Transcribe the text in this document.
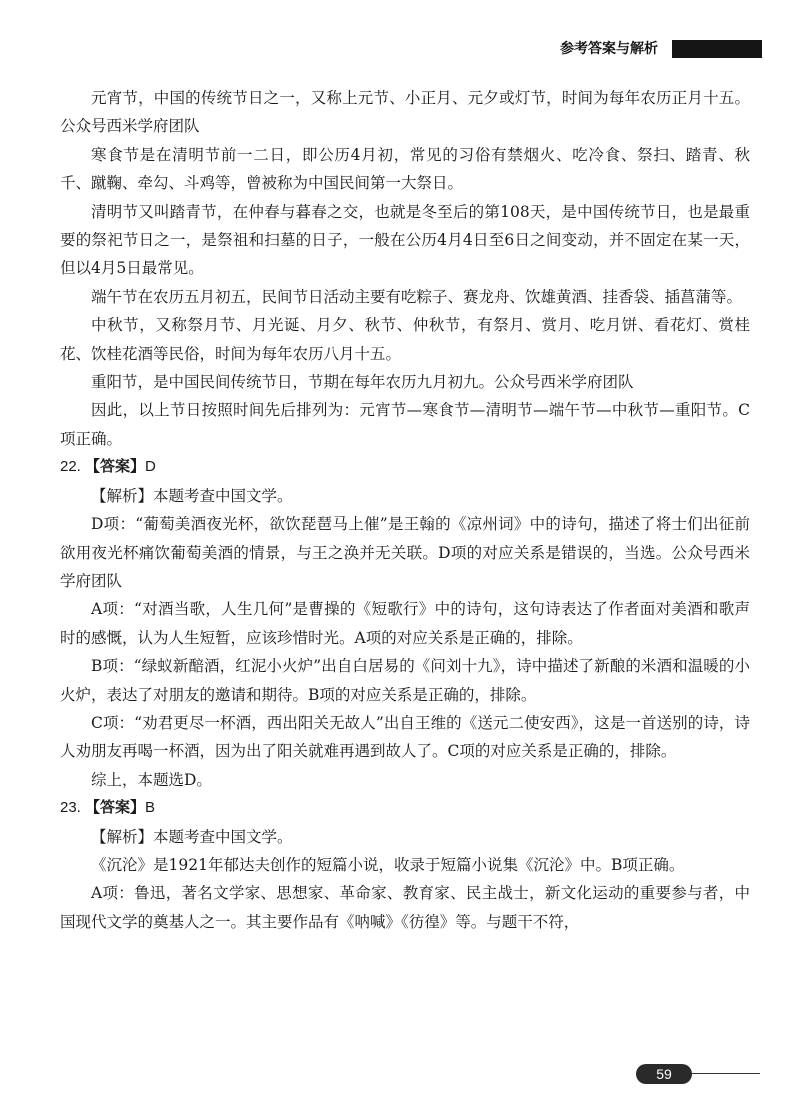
参考答案与解析

元宵节，中国的传统节日之一，又称上元节、小正月、元夕或灯节，时间为每年农历正月十五。公众号西米学府团队

寒食节是在清明节前一二日，即公历4月初，常见的习俗有禁烟火、吃冷食、祭扫、踏青、秋千、蹴鞠、牵勾、斗鸡等，曾被称为中国民间第一大祭日。

清明节又叫踏青节，在仲春与暮春之交，也就是冬至后的第108天，是中国传统节日，也是最重要的祭祀节日之一，是祭祖和扫墓的日子，一般在公历4月4日至6日之间变动，并不固定在某一天，但以4月5日最常见。

端午节在农历五月初五，民间节日活动主要有吃粽子、赛龙舟、饮雄黄酒、挂香袋、插菖蒲等。

中秋节，又称祭月节、月光诞、月夕、秋节、仲秋节，有祭月、赏月、吃月饼、看花灯、赏桂花、饮桂花酒等民俗，时间为每年农历八月十五。

重阳节，是中国民间传统节日，节期在每年农历九月初九。公众号西米学府团队

因此，以上节日按照时间先后排列为：元宵节—寒食节—清明节—端午节—中秋节—重阳节。C项正确。

22. 【答案】D

【解析】本题考查中国文学。

D项：“葡萄美酒夜光杯，欲饮琵琶马上催”是王翰的《凉州词》中的诗句，描述了将士们出征前欲用夜光杯痛饮葡萄美酒的情景，与王之涣并无关联。D项的对应关系是错误的，当选。公众号西米学府团队

A项：“对酒当歌，人生几何”是曹操的《短歌行》中的诗句，这句诗表达了作者面对美酒和歌声时的感慨，认为人生短暂，应该珍惜时光。A项的对应关系是正确的，排除。

B项：“绿蚁新醅酒，红泥小火炉”出自白居易的《问刘十九》，诗中描述了新酿的米酒和温暖的小火炉，表达了对朋友的邀请和期待。B项的对应关系是正确的，排除。

C项：“劝君更尽一杯酒，西出阳关无故人”出自王维的《送元二使安西》，这是一首送别的诗，诗人劝朋友再喝一杯酒，因为出了阳关就难再遇到故人了。C项的对应关系是正确的，排除。

综上，本题选D。

23. 【答案】B

【解析】本题考查中国文学。

《沉沦》是1921年郁达夫创作的短篇小说，收录于短篇小说集《沉沦》中。B项正确。

A项：鲁迅，著名文学家、思想家、革命家、教育家、民主战士，新文化运动的重要参与者，中国现代文学的奠基人之一。其主要作品有《呐喊》《彷徨》等。与题干不符，

59
